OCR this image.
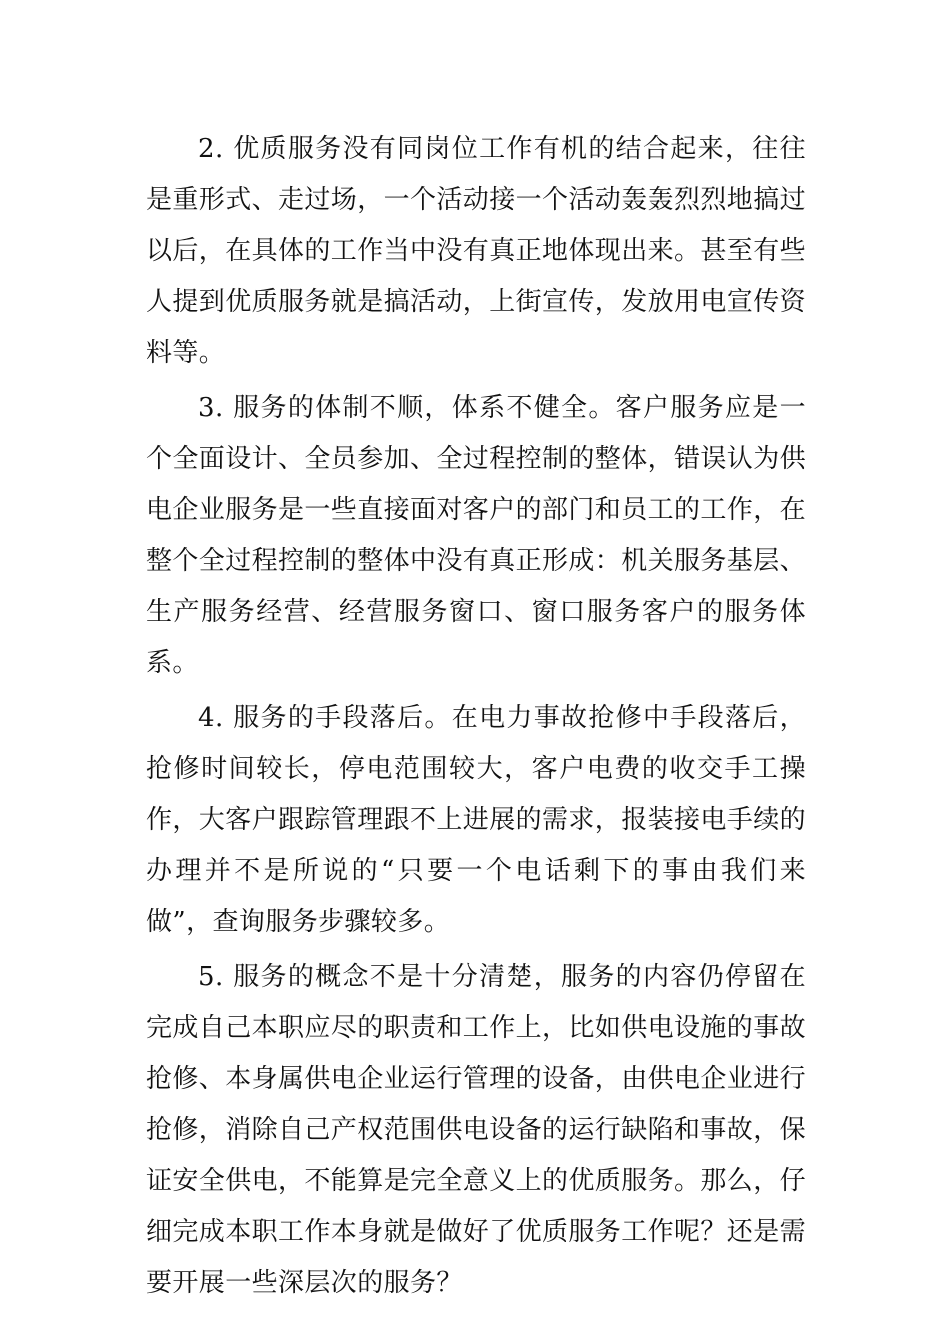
2. 优质服务没有同岗位工作有机的结合起来，往往是重形式、走过场，一个活动接一个活动轰轰烈烈地搞过以后，在具体的工作当中没有真正地体现出来。甚至有些人提到优质服务就是搞活动，上街宣传，发放用电宣传资料等。

3. 服务的体制不顺，体系不健全。客户服务应是一个全面设计、全员参加、全过程控制的整体，错误认为供电企业服务是一些直接面对客户的部门和员工的工作，在整个全过程控制的整体中没有真正形成：机关服务基层、生产服务经营、经营服务窗口、窗口服务客户的服务体系。

4. 服务的手段落后。在电力事故抢修中手段落后，抢修时间较长，停电范围较大，客户电费的收交手工操作，大客户跟踪管理跟不上进展的需求，报装接电手续的办理并不是所说的“只要一个电话剩下的事由我们来做”，查询服务步骤较多。

5. 服务的概念不是十分清楚，服务的内容仍停留在完成自己本职应尽的职责和工作上，比如供电设施的事故抢修、本身属供电企业运行管理的设备，由供电企业进行抢修，消除自己产权范围供电设备的运行缺陷和事故，保证安全供电，不能算是完全意义上的优质服务。那么，仔细完成本职工作本身就是做好了优质服务工作呢？还是需要开展一些深层次的服务？
